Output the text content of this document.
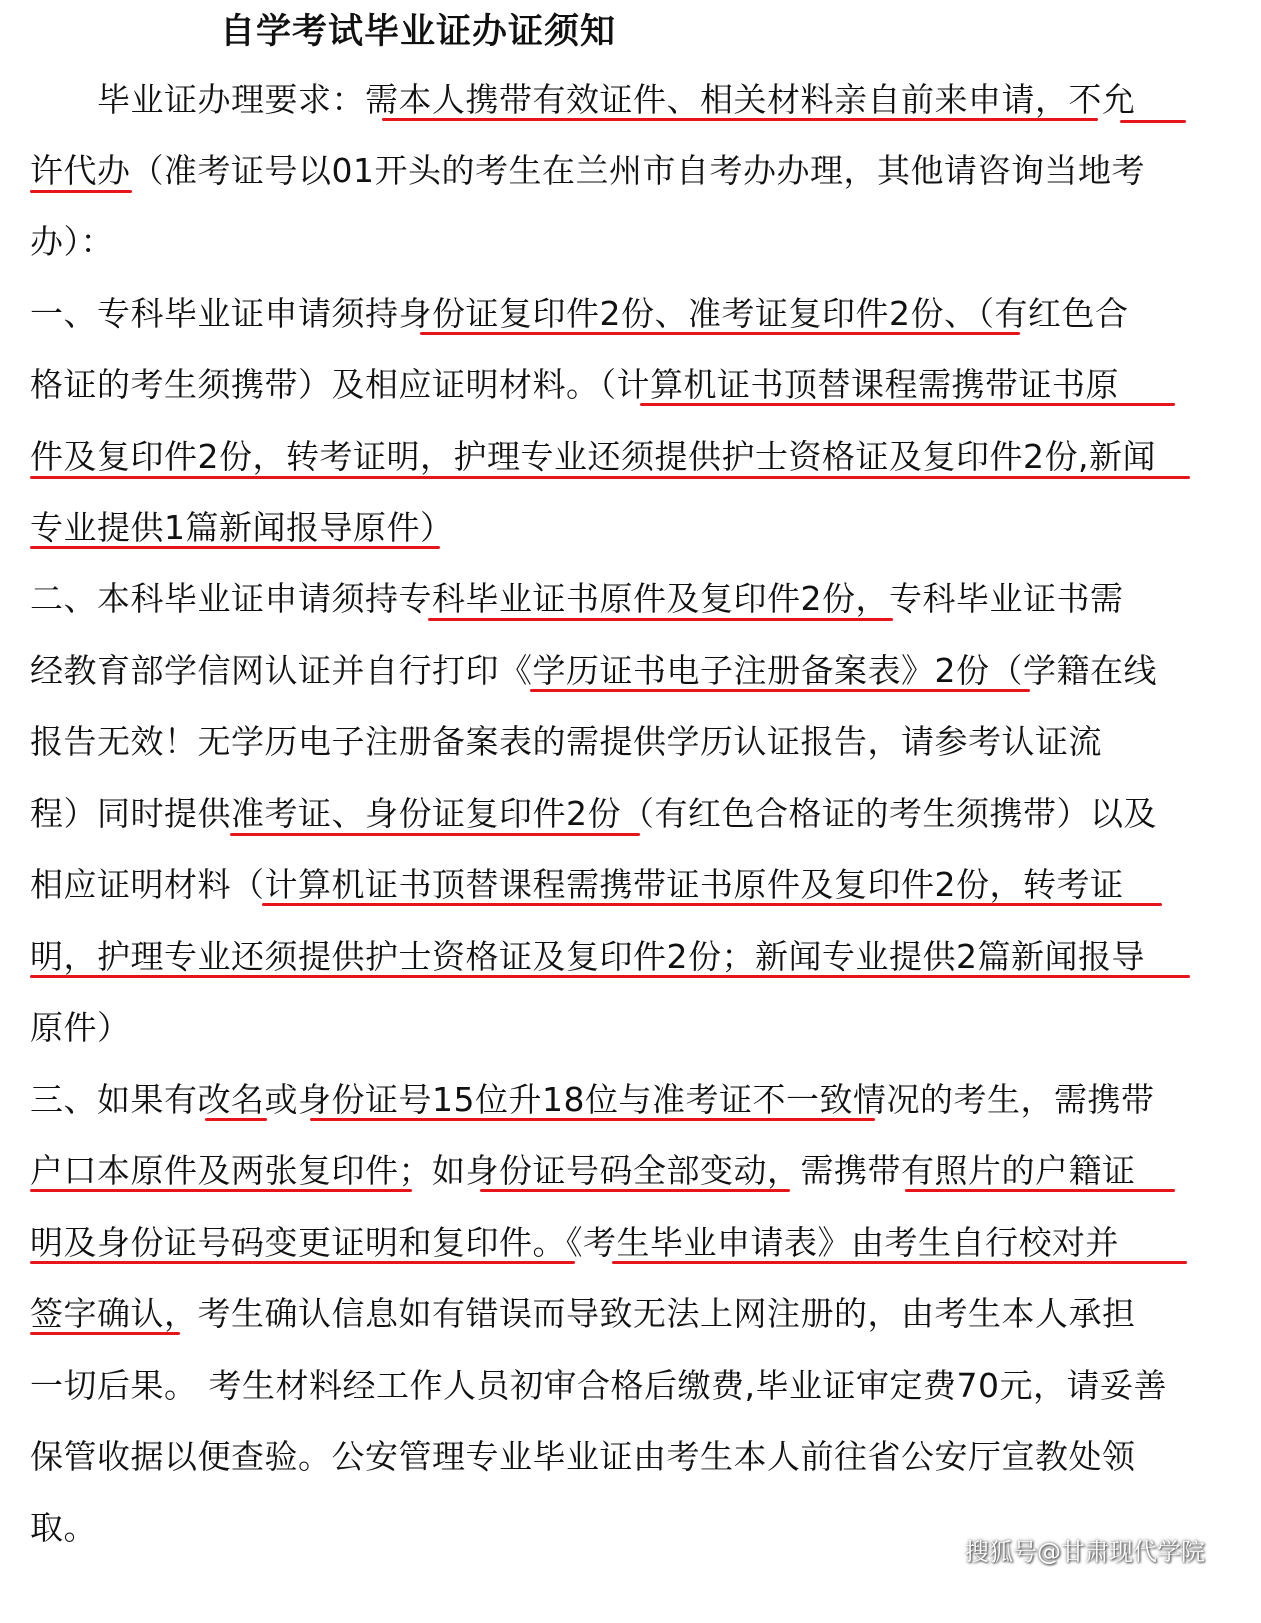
自学考试毕业证办证须知
　　毕业证办理要求：需本人携带有效证件、相关材料亲自前来申请，不允
许代办（准考证号以01开头的考生在兰州市自考办办理，其他请咨询当地考
办）：
一、专科毕业证申请须持身份证复印件2份、准考证复印件2份、（有红色合
格证的考生须携带）及相应证明材料。（计算机证书顶替课程需携带证书原
件及复印件2份，转考证明，护理专业还须提供护士资格证及复印件2份,新闻
专业提供1篇新闻报导原件）
二、本科毕业证申请须持专科毕业证书原件及复印件2份，专科毕业证书需
经教育部学信网认证并自行打印《学历证书电子注册备案表》2份（学籍在线
报告无效！无学历电子注册备案表的需提供学历认证报告，请参考认证流
程）同时提供准考证、身份证复印件2份（有红色合格证的考生须携带）以及
相应证明材料（计算机证书顶替课程需携带证书原件及复印件2份，转考证
明，护理专业还须提供护士资格证及复印件2份；新闻专业提供2篇新闻报导
原件）
三、如果有改名或身份证号15位升18位与准考证不一致情况的考生，需携带
户口本原件及两张复印件；如身份证号码全部变动，需携带有照片的户籍证
明及身份证号码变更证明和复印件。《考生毕业申请表》由考生自行校对并
签字确认，考生确认信息如有错误而导致无法上网注册的，由考生本人承担
一切后果。 考生材料经工作人员初审合格后缴费,毕业证审定费70元，请妥善
保管收据以便查验。公安管理专业毕业证由考生本人前往省公安厅宣教处领
取。
搜狐号@甘肃现代学院
